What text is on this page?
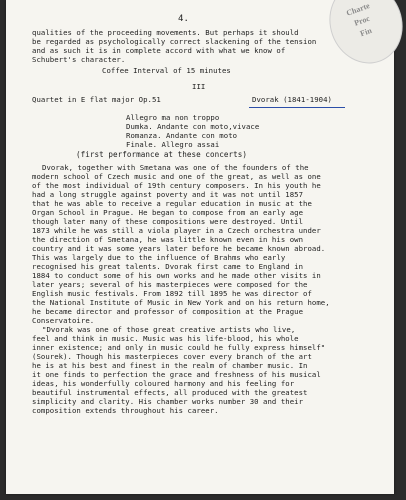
Charte
Proc
Fin
4.
qualities of the proceeding movements. But perhaps it should
be regarded as psychologically correct slackening of the tension
and as such it is in complete accord with what we know of
Schubert's character.
Coffee Interval of 15 minutes
III
Quartet in E flat major Op.51	Dvorak (1841-1904)
Allegro ma non troppo
Dumka. Andante con moto,vivace
Romanza. Andante con moto
Finale. Allegro assai
(first performance at these concerts)
Dvorak, together with Smetana was one of the founders of the
modern school of Czech music and one of the great, as well as one
of the most individual of 19th century composers. In his youth he
had a long struggle against poverty and it was not until 1857
that he was able to receive a regular education in music at the
Organ School in Prague. He began to compose from an early age
though later many of these compositions were destroyed. Until
1873 while he was still a viola player in a Czech orchestra under
the direction of Smetana, he was little known even in his own
country and it was some years later before he became known abroad.
This was largely due to the influence of Brahms who early
recognised his great talents. Dvorak first came to England in
1884 to conduct some of his own works and he made other visits in
later years; several of his masterpieces were composed for the
English music festivals. From 1892 till 1895 he was director of
the National Institute of Music in New York and on his return home,
he became director and professor of composition at the Prague
Conservatoire.
"Dvorak was one of those great creative artists who live,
feel and think in music. Music was his life-blood, his whole
inner existence; and only in music could he fully express himself"
(Sourek). Though his masterpieces cover every branch of the art
he is at his best and finest in the realm of chamber music. In
it one finds to perfection the grace and freshness of his musical
ideas, his wonderfully coloured harmony and his feeling for
beautiful instrumental effects, all produced with the greatest
simplicity and clarity. His chamber works number 30 and their
composition extends throughout his career.
